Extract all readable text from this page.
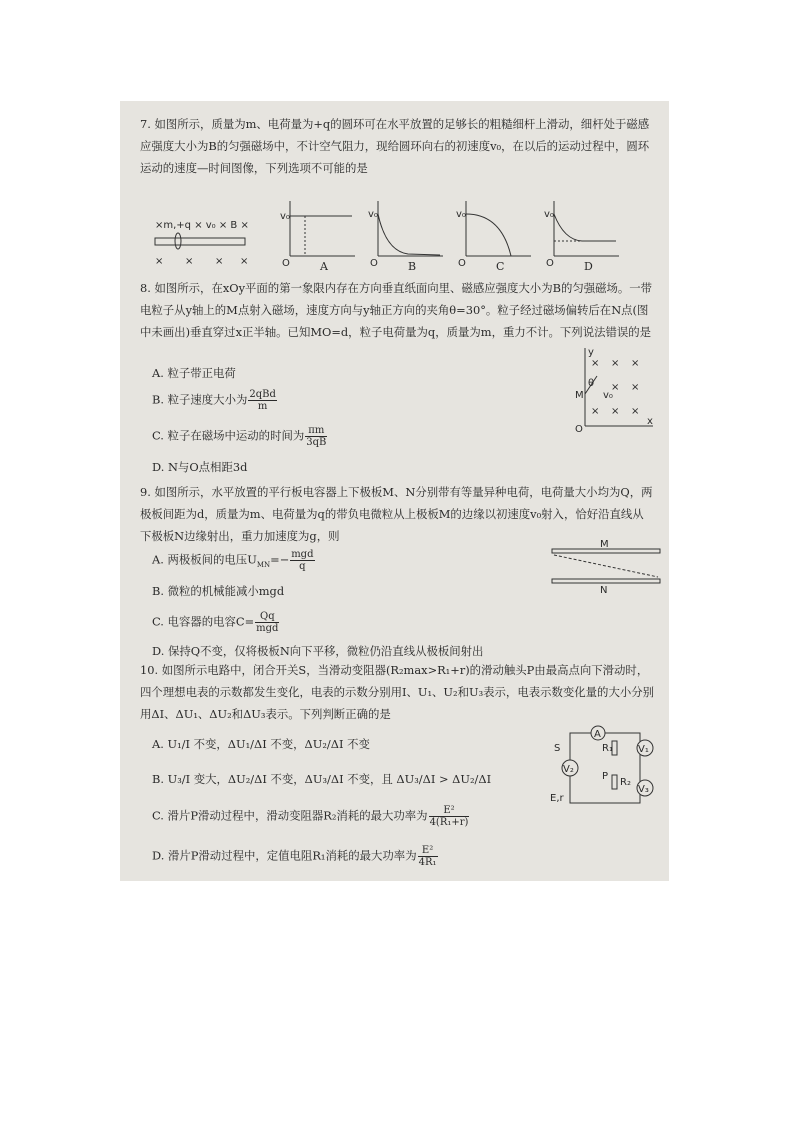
7. 如图所示，质量为m、电荷量为+q的圆环可在水平放置的足够长的粗糙细杆上滑动，细杆处于磁感应强度大小为B的匀强磁场中，不计空气阻力，现给圆环向右的初速度v₀，在以后的运动过程中，圆环运动的速度—时间图像，下列选项不可能的是

×m,+q × v₀ × B ×
× × × ×
v₀
O	A
v₀
O	B
v₀
O	C
v₀
O	D

8. 如图所示，在xOy平面的第一象限内存在方向垂直纸面向里、磁感应强度大小为B的匀强磁场。一带电粒子从y轴上的M点射入磁场，速度方向与y轴正方向的夹角θ=30°。粒子经过磁场偏转后在N点(图中未画出)垂直穿过x正半轴。已知MO=d，粒子电荷量为q，质量为m，重力不计。下列说法错误的是

A. 粒子带正电荷
B. 粒子速度大小为 $\frac{\text{2qBd}}{m}$
C. 粒子在磁场中运动的时间为 $\frac{\pi m}{3qB}$
D. N与O点相距3d
y
x
O
M
θ
v₀
× × ×
× ×
× × ×

9. 如图所示，水平放置的平行板电容器上下极板M、N分别带有等量异种电荷，电荷量大小均为Q，两极板间距为d，质量为m、电荷量为q的带负电微粒从上极板M的边缘以初速度v₀射入，恰好沿直线从下极板N边缘射出，重力加速度为g，则

A. 两极板间的电压$U_{MN}=- \frac{\text{mgd}}{q}$
B. 微粒的机械能减小mgd
C. 电容器的电容$C= \frac{Qq}{\text{mgd}}$
D. 保持Q不变，仅将极板N向下平移，微粒仍沿直线从极板间射出
M
N

10. 如图所示电路中，闭合开关S，当滑动变阻器(R₂max>R₁+r)的滑动触头P由最高点向下滑动时，四个理想电表的示数都发生变化，电表的示数分别用I、U₁、U₂和U₃表示，电表示数变化量的大小分别用ΔI、ΔU₁、ΔU₂和ΔU₃表示。下列判断正确的是

A. U₁/I 不变，ΔU₁/ΔI 不变，ΔU₂/ΔI 不变
B. U₃/I 变大，ΔU₂/ΔI 不变，ΔU₃/ΔI 不变，且 ΔU₃/ΔI > ΔU₂/ΔI
C. 滑片P滑动过程中，滑动变阻器R₂消耗的最大功率为 $\frac{\text{E²}}{\text{4(R₁+r)}}$
D. 滑片P滑动过程中，定值电阻R₁消耗的最大功率为 $\frac{\text{E²}}{\text{4R₁}}$
A
V₁
V₂
V₃
R₁
R₂
P
S
E,r
